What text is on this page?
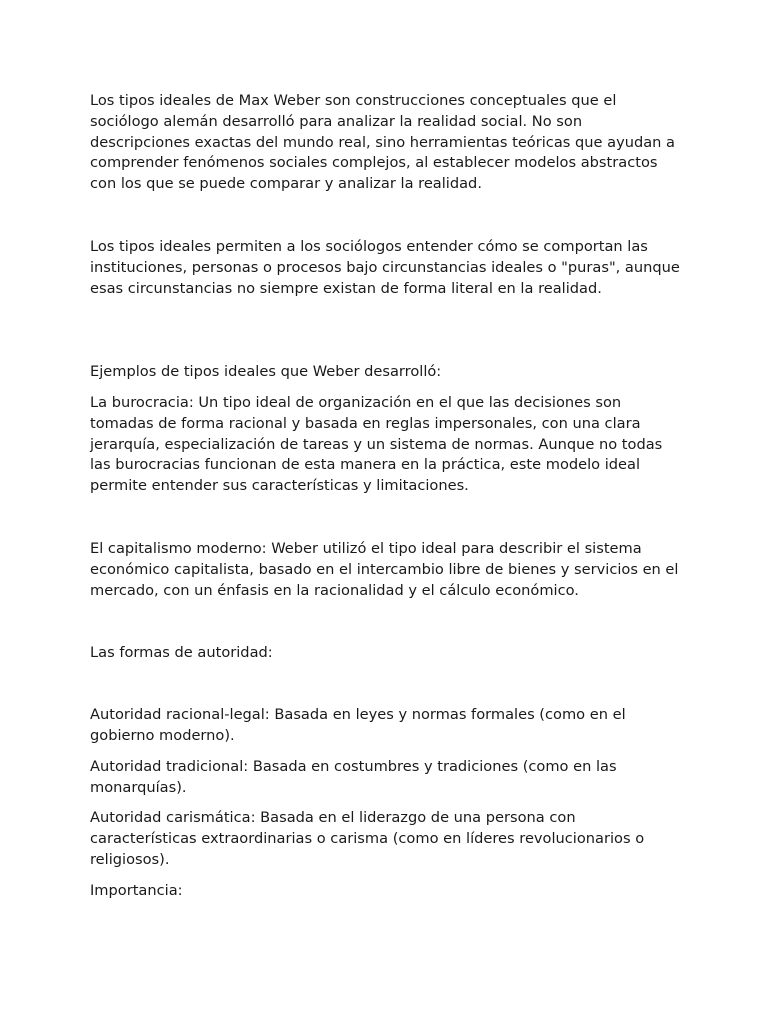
Los tipos ideales de Max Weber son construcciones conceptuales que el sociólogo alemán desarrolló para analizar la realidad social. No son descripciones exactas del mundo real, sino herramientas teóricas que ayudan a comprender fenómenos sociales complejos, al establecer modelos abstractos con los que se puede comparar y analizar la realidad.

Los tipos ideales permiten a los sociólogos entender cómo se comportan las instituciones, personas o procesos bajo circunstancias ideales o "puras", aunque esas circunstancias no siempre existan de forma literal en la realidad.

Ejemplos de tipos ideales que Weber desarrolló:

La burocracia: Un tipo ideal de organización en el que las decisiones son tomadas de forma racional y basada en reglas impersonales, con una clara jerarquía, especialización de tareas y un sistema de normas. Aunque no todas las burocracias funcionan de esta manera en la práctica, este modelo ideal permite entender sus características y limitaciones.

El capitalismo moderno: Weber utilizó el tipo ideal para describir el sistema económico capitalista, basado en el intercambio libre de bienes y servicios en el mercado, con un énfasis en la racionalidad y el cálculo económico.

Las formas de autoridad:

Autoridad racional-legal: Basada en leyes y normas formales (como en el gobierno moderno).

Autoridad tradicional: Basada en costumbres y tradiciones (como en las monarquías).

Autoridad carismática: Basada en el liderazgo de una persona con características extraordinarias o carisma (como en líderes revolucionarios o religiosos).

Importancia:
